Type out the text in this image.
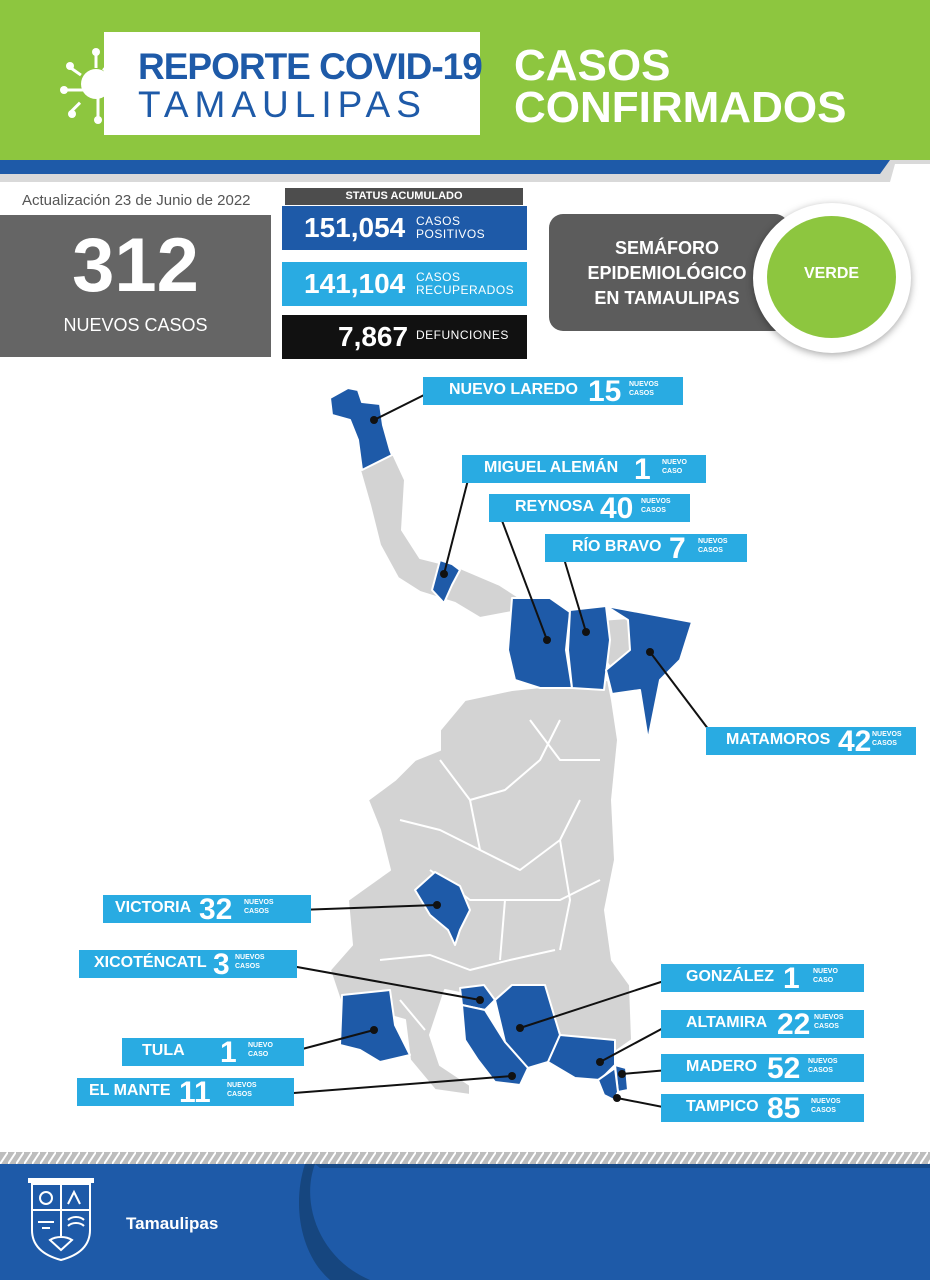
REPORTE COVID-19
TAMAULIPAS
CASOS
CONFIRMADOS
Actualización 23 de Junio de 2022
312
NUEVOS CASOS
STATUS ACUMULADO
151,054 CASOS
POSITIVOS
141,104 CASOS
RECUPERADOS
7,867 DEFUNCIONES
SEMÁFORO
EPIDEMIOLÓGICO
EN TAMAULIPAS
VERDE
NUEVO LAREDO 15 NUEVOS
CASOS
MIGUEL ALEMÁN 1 NUEVO
CASO
REYNOSA 40 NUEVOS
CASOS
RÍO BRAVO 7 NUEVOS
CASOS
MATAMOROS 42 NUEVOS
CASOS
VICTORIA 32 NUEVOS
CASOS
XICOTÉNCATL 3 NUEVOS
CASOS
TULA 1 NUEVO
CASO
EL MANTE 11 NUEVOS
CASOS
GONZÁLEZ 1 NUEVO
CASO
ALTAMIRA 22 NUEVOS
CASOS
MADERO 52 NUEVOS
CASOS
TAMPICO 85 NUEVOS
CASOS
Tamaulipas
